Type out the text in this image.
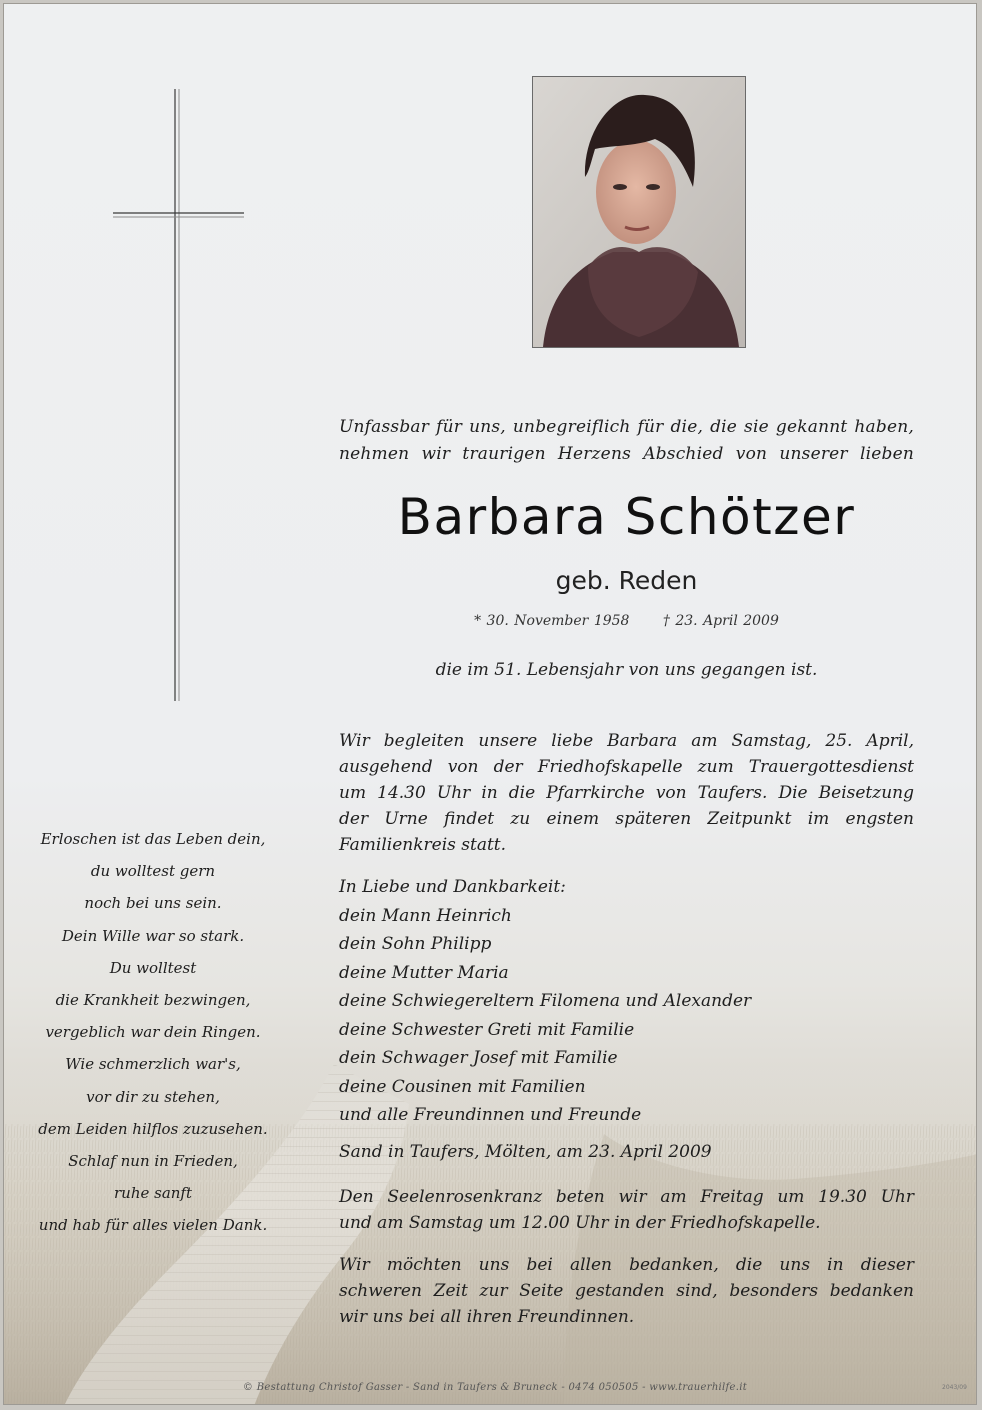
Unfassbar für uns, unbegreiflich für die, die sie gekannt haben,
nehmen wir traurigen Herzens Abschied von unserer lieben
Barbara Schötzer
geb. Reden
* 30. November 1958 † 23. April 2009
die im 51. Lebensjahr von uns gegangen ist.
Wir begleiten unsere liebe Barbara am Samstag, 25. April,
ausgehend von der Friedhofskapelle zum Trauergottesdienst
um 14.30 Uhr in die Pfarrkirche von Taufers. Die Beisetzung
der Urne findet zu einem späteren Zeitpunkt im engsten
Familienkreis statt.
In Liebe und Dankbarkeit:
dein Mann Heinrich
dein Sohn Philipp
deine Mutter Maria
deine Schwiegereltern Filomena und Alexander
deine Schwester Greti mit Familie
dein Schwager Josef mit Familie
deine Cousinen mit Familien
und alle Freundinnen und Freunde
Sand in Taufers, Mölten, am 23. April 2009
Den Seelenrosenkranz beten wir am Freitag um 19.30 Uhr
und am Samstag um 12.00 Uhr in der Friedhofskapelle.
Wir möchten uns bei allen bedanken, die uns in dieser
schweren Zeit zur Seite gestanden sind, besonders bedanken
wir uns bei all ihren Freundinnen.
Erloschen ist das Leben dein,
du wolltest gern
noch bei uns sein.
Dein Wille war so stark.
Du wolltest
die Krankheit bezwingen,
vergeblich war dein Ringen.
Wie schmerzlich war's,
vor dir zu stehen,
dem Leiden hilflos zuzusehen.
Schlaf nun in Frieden,
ruhe sanft
und hab für alles vielen Dank.
© Bestattung Christof Gasser - Sand in Taufers & Bruneck - 0474 050505 - www.trauerhilfe.it	2043/09
